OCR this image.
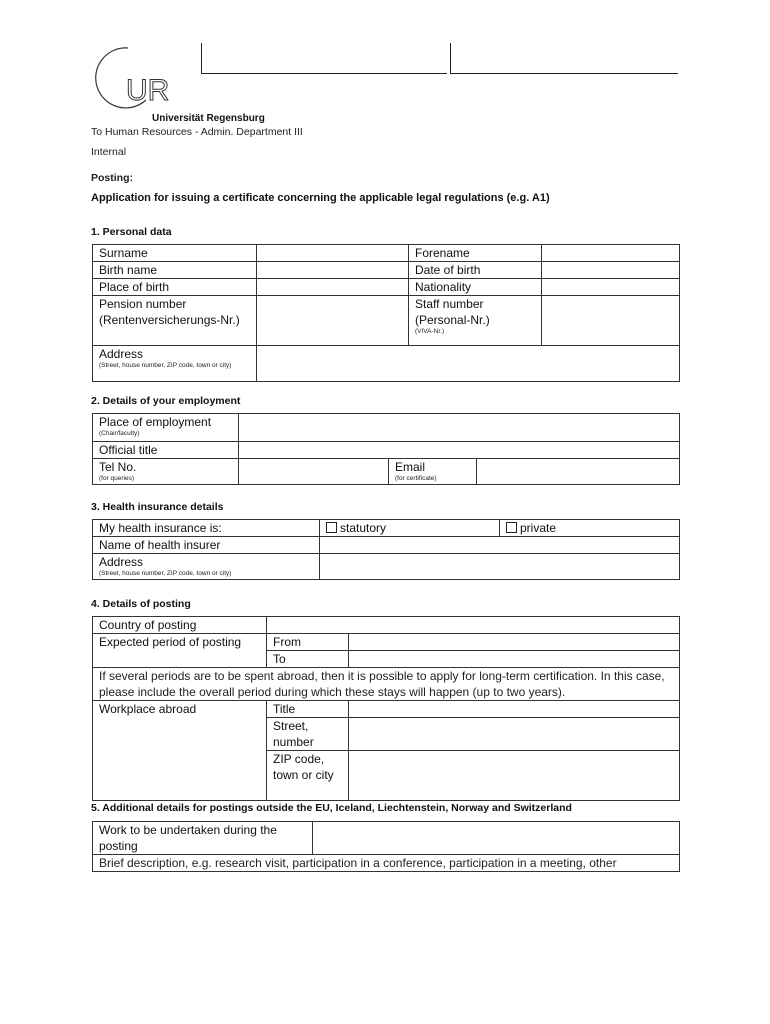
UR
Universität Regensburg
To Human Resources - Admin. Department III
Internal
Posting:
Application for issuing a certificate concerning the applicable legal regulations (e.g. A1)
1. Personal data
Surname		Forename	
Birth name		Date of birth	
Place of birth		Nationality	
Pension number (Rentenversicherungs-Nr.)		Staff number (Personal-Nr.)
(VIVA-Nr.)	

Address
(Street, house number, ZIP code, town or city)			

2. Details of your employment
Place of employment
(Chair/faculty)			

Official title			
Tel No.
(for queries)		Email
(for certificate)	

3. Health insurance details
My health insurance is:	statutory	private
Name of health insurer		
Address
(Street, house number, ZIP code, town or city)		

4. Details of posting
Country of posting		
Expected period of posting	From	
	To	
If several periods are to be spent abroad, then it is possible to apply for long-term certification. In this case, please include the overall period during which these stays will happen (up to two years).		
Workplace abroad	Title	
	Street, number	
	ZIP code, town or city	
5. Additional details for postings outside the EU, Iceland, Liechtenstein, Norway and Switzerland
Work to be undertaken during the posting	
Brief description, e.g. research visit, participation in a conference, participation in a meeting, other
